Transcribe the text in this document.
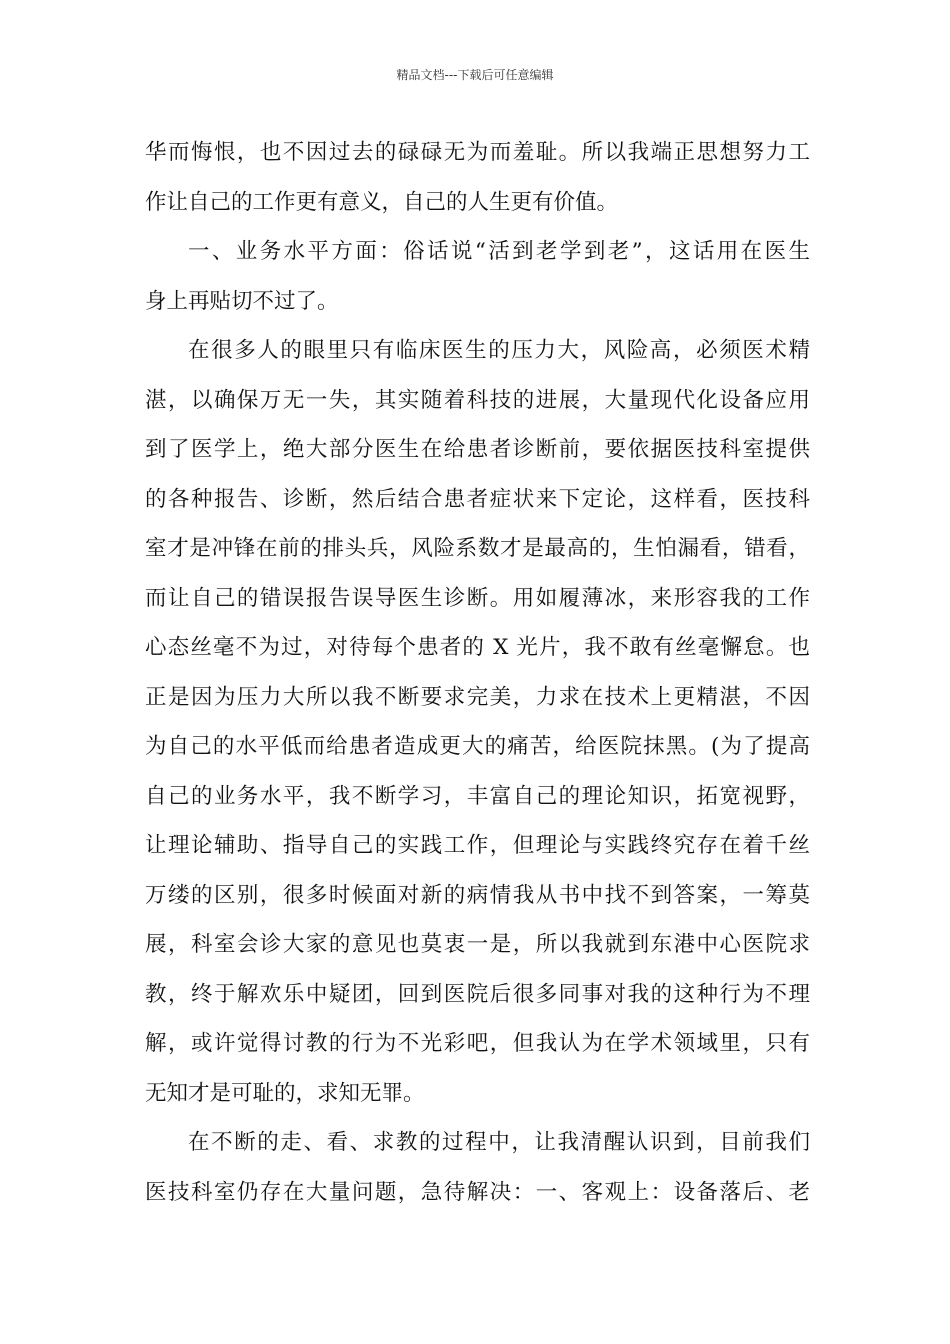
精品文档---下载后可任意编辑
华而悔恨，也不因过去的碌碌无为而羞耻。所以我端正思想努力工
作让自己的工作更有意义，自己的人生更有价值。
一、业务水平方面：俗话说“活到老学到老”，这话用在医生
身上再贴切不过了。
在很多人的眼里只有临床医生的压力大，风险高，必须医术精
湛，以确保万无一失，其实随着科技的进展，大量现代化设备应用
到了医学上，绝大部分医生在给患者诊断前，要依据医技科室提供
的各种报告、诊断，然后结合患者症状来下定论，这样看，医技科
室才是冲锋在前的排头兵，风险系数才是最高的，生怕漏看，错看，
而让自己的错误报告误导医生诊断。用如履薄冰，来形容我的工作
心态丝毫不为过，对待每个患者的 X 光片，我不敢有丝毫懈怠。也
正是因为压力大所以我不断要求完美，力求在技术上更精湛，不因
为自己的水平低而给患者造成更大的痛苦，给医院抹黑。(为了提高
自己的业务水平，我不断学习，丰富自己的理论知识，拓宽视野，
让理论辅助、指导自己的实践工作，但理论与实践终究存在着千丝
万缕的区别，很多时候面对新的病情我从书中找不到答案，一筹莫
展，科室会诊大家的意见也莫衷一是，所以我就到东港中心医院求
教，终于解欢乐中疑团，回到医院后很多同事对我的这种行为不理
解，或许觉得讨教的行为不光彩吧，但我认为在学术领域里，只有
无知才是可耻的，求知无罪。
在不断的走、看、求教的过程中，让我清醒认识到，目前我们
医技科室仍存在大量问题，急待解决：一、客观上：设备落后、老
